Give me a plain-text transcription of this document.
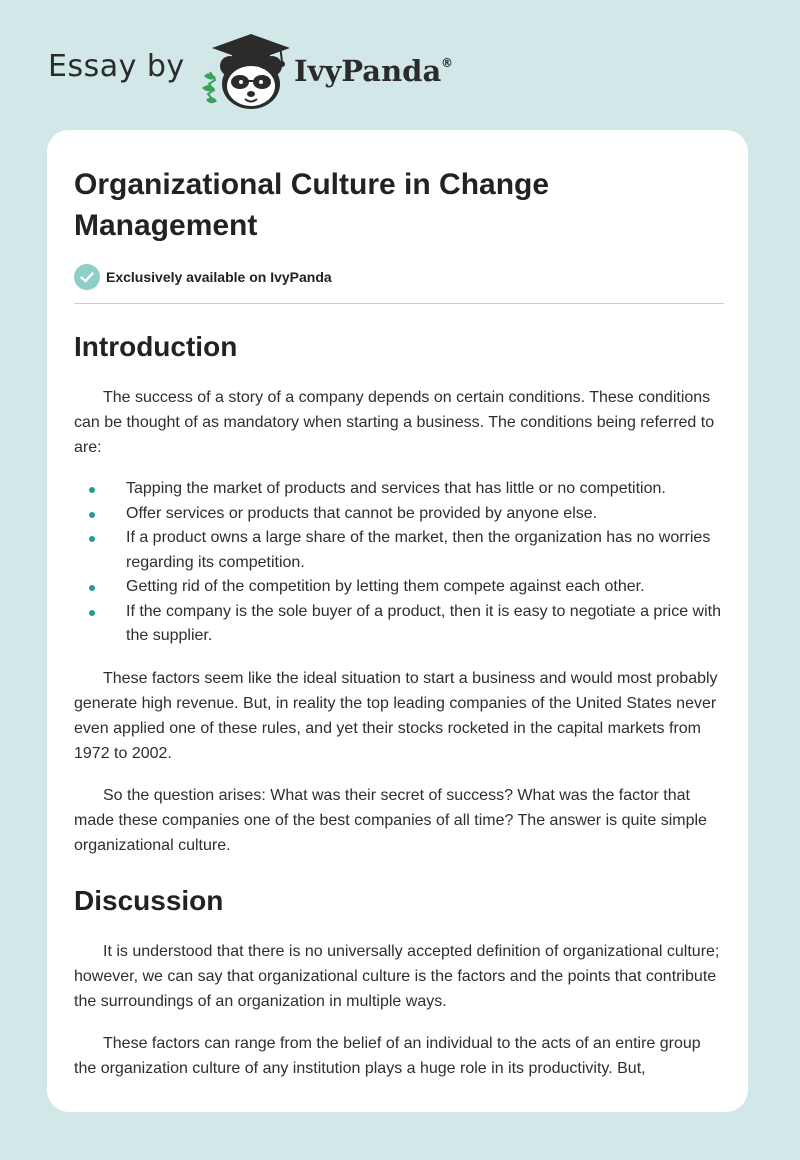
Essay by	IvyPanda ®
Organizational Culture in Change Management
Exclusively available on IvyPanda
Introduction

The success of a story of a company depends on certain conditions. These conditions can be thought of as mandatory when starting a business. The conditions being referred to are:

Tapping the market of products and services that has little or no competition.
Offer services or products that cannot be provided by anyone else.
If a product owns a large share of the market, then the organization has no worries regarding its competition.
Getting rid of the competition by letting them compete against each other.
If the company is the sole buyer of a product, then it is easy to negotiate a price with the supplier.

These factors seem like the ideal situation to start a business and would most probably generate high revenue. But, in reality the top leading companies of the United States never even applied one of these rules, and yet their stocks rocketed in the capital markets from 1972 to 2002.

So the question arises: What was their secret of success? What was the factor that made these companies one of the best companies of all time? The answer is quite simple organizational culture.

Discussion

It is understood that there is no universally accepted definition of organizational culture; however, we can say that organizational culture is the factors and the points that contribute the surroundings of an organization in multiple ways.

These factors can range from the belief of an individual to the acts of an entire group the organization culture of any institution plays a huge role in its productivity. But,
